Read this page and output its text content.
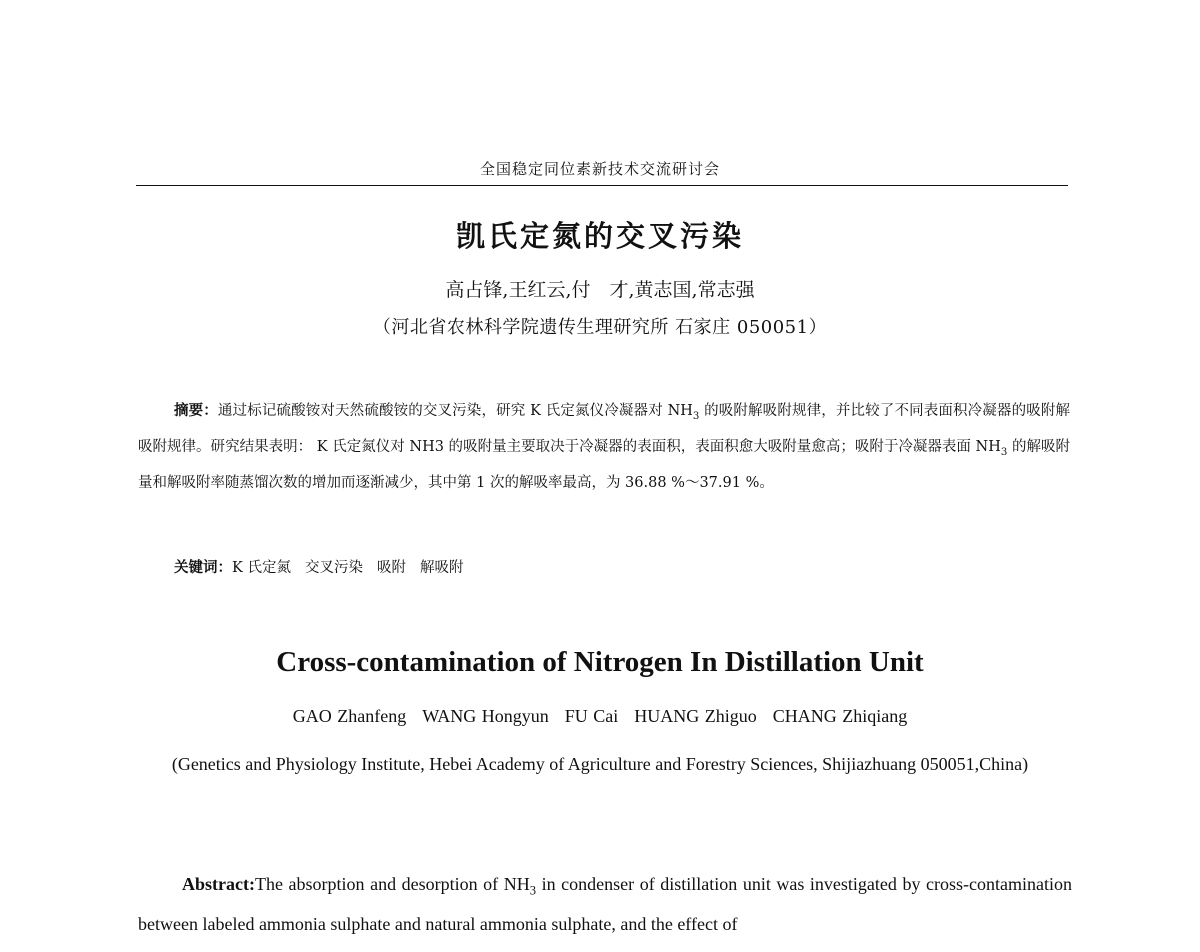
全国稳定同位素新技术交流研讨会
凯氏定氮的交叉污染
高占锋,王红云,付　才,黄志国,常志强
（河北省农林科学院遗传生理研究所 石家庄 050051）
摘要：通过标记硫酸铵对天然硫酸铵的交叉污染，研究 K 氏定氮仪冷凝器对 $NH_3$ 的吸附解吸附规律，并比较了不同表面积冷凝器的吸附解吸附规律。研究结果表明： K 氏定氮仪对 NH3 的吸附量主要取决于冷凝器的表面积，表面积愈大吸附量愈高；吸附于冷凝器表面 $NH_3$ 的解吸附量和解吸附率随蒸馏次数的增加而逐渐减少，其中第 1 次的解吸率最高，为 36.88 %～37.91 %。
关键词：K 氏定氮 交叉污染 吸附 解吸附
Cross-contamination of Nitrogen In Distillation Unit
GAO Zhanfeng WANG Hongyun FU Cai HUANG Zhiguo CHANG Zhiqiang
(Genetics and Physiology Institute, Hebei Academy of Agriculture and Forestry Sciences, Shijiazhuang 050051,China)
Abstract:The absorption and desorption of $NH_3$ in condenser of distillation unit was investigated by cross-contamination between labeled ammonia sulphate and natural ammonia sulphate, and the effect of
